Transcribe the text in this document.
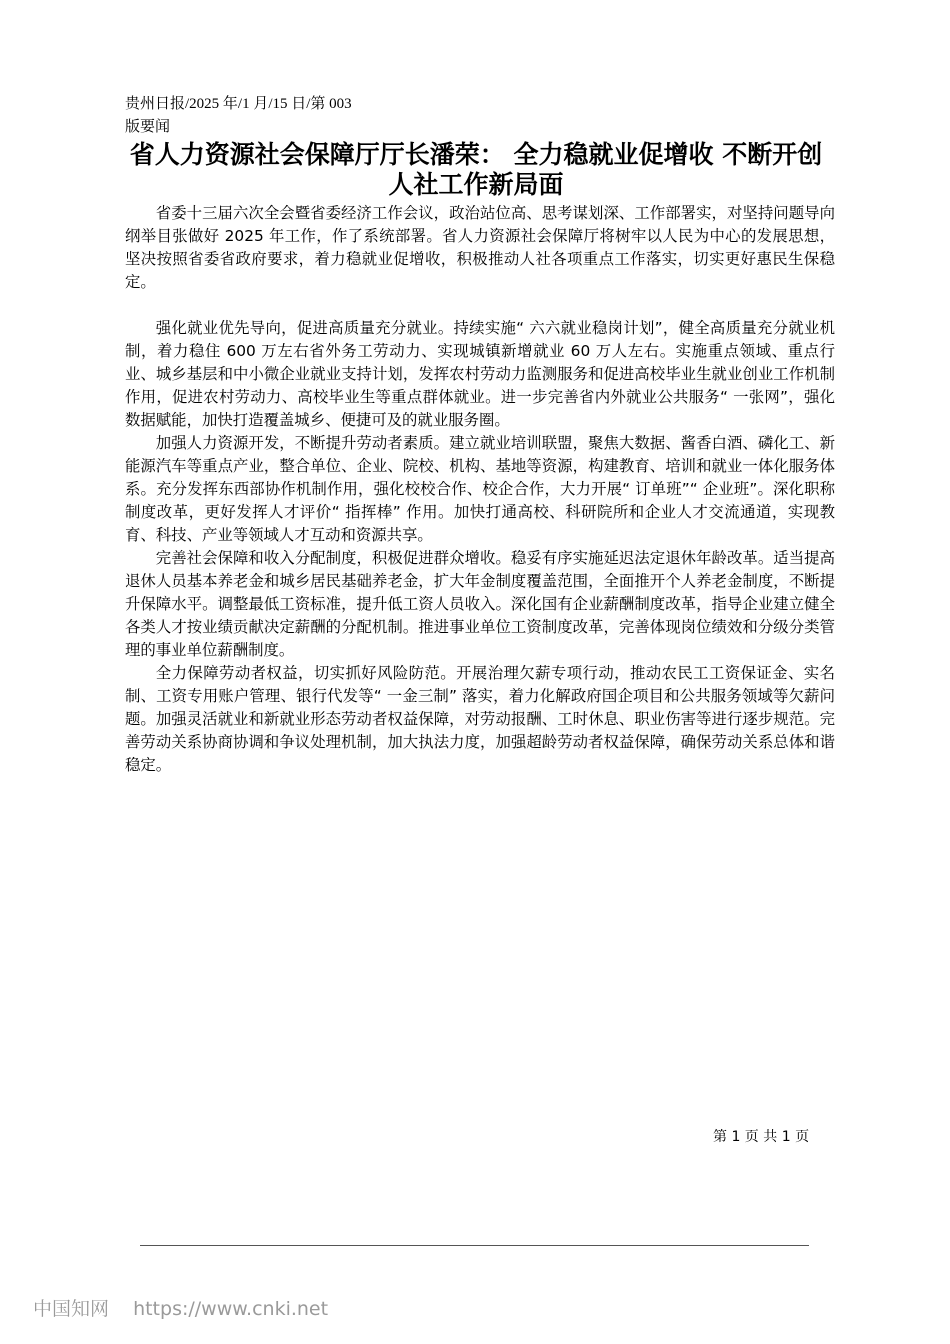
贵州日报/2025 年/1 月/15 日/第 003
版要闻
省人力资源社会保障厅厅长潘荣： 全力稳就业促增收 不断开创人社工作新局面

省委十三届六次全会暨省委经济工作会议，政治站位高、思考谋划深、工作部署实，对坚持问题导向纲举目张做好 2025 年工作，作了系统部署。省人力资源社会保障厅将树牢以人民为中心的发展思想，坚决按照省委省政府要求，着力稳就业促增收，积极推动人社各项重点工作落实，切实更好惠民生保稳定。

强化就业优先导向，促进高质量充分就业。持续实施“ 六六就业稳岗计划”，健全高质量充分就业机制，着力稳住 600 万左右省外务工劳动力、实现城镇新增就业 60 万人左右。实施重点领域、重点行业、城乡基层和中小微企业就业支持计划，发挥农村劳动力监测服务和促进高校毕业生就业创业工作机制作用，促进农村劳动力、高校毕业生等重点群体就业。进一步完善省内外就业公共服务“ 一张网”，强化数据赋能，加快打造覆盖城乡、便捷可及的就业服务圈。

加强人力资源开发，不断提升劳动者素质。建立就业培训联盟，聚焦大数据、酱香白酒、磷化工、新能源汽车等重点产业，整合单位、企业、院校、机构、基地等资源，构建教育、培训和就业一体化服务体系。充分发挥东西部协作机制作用，强化校校合作、校企合作，大力开展“ 订单班”“ 企业班”。深化职称制度改革，更好发挥人才评价“ 指挥棒” 作用。加快打通高校、科研院所和企业人才交流通道，实现教育、科技、产业等领域人才互动和资源共享。

完善社会保障和收入分配制度，积极促进群众增收。稳妥有序实施延迟法定退休年龄改革。适当提高退休人员基本养老金和城乡居民基础养老金，扩大年金制度覆盖范围，全面推开个人养老金制度，不断提升保障水平。调整最低工资标准，提升低工资人员收入。深化国有企业薪酬制度改革，指导企业建立健全各类人才按业绩贡献决定薪酬的分配机制。推进事业单位工资制度改革，完善体现岗位绩效和分级分类管理的事业单位薪酬制度。

全力保障劳动者权益，切实抓好风险防范。开展治理欠薪专项行动，推动农民工工资保证金、实名制、工资专用账户管理、银行代发等“ 一金三制” 落实，着力化解政府国企项目和公共服务领域等欠薪问题。加强灵活就业和新就业形态劳动者权益保障，对劳动报酬、工时休息、职业伤害等进行逐步规范。完善劳动关系协商协调和争议处理机制，加大执法力度，加强超龄劳动者权益保障，确保劳动关系总体和谐稳定。

第 1 页 共 1 页
中国知网 https://www.cnki.net
